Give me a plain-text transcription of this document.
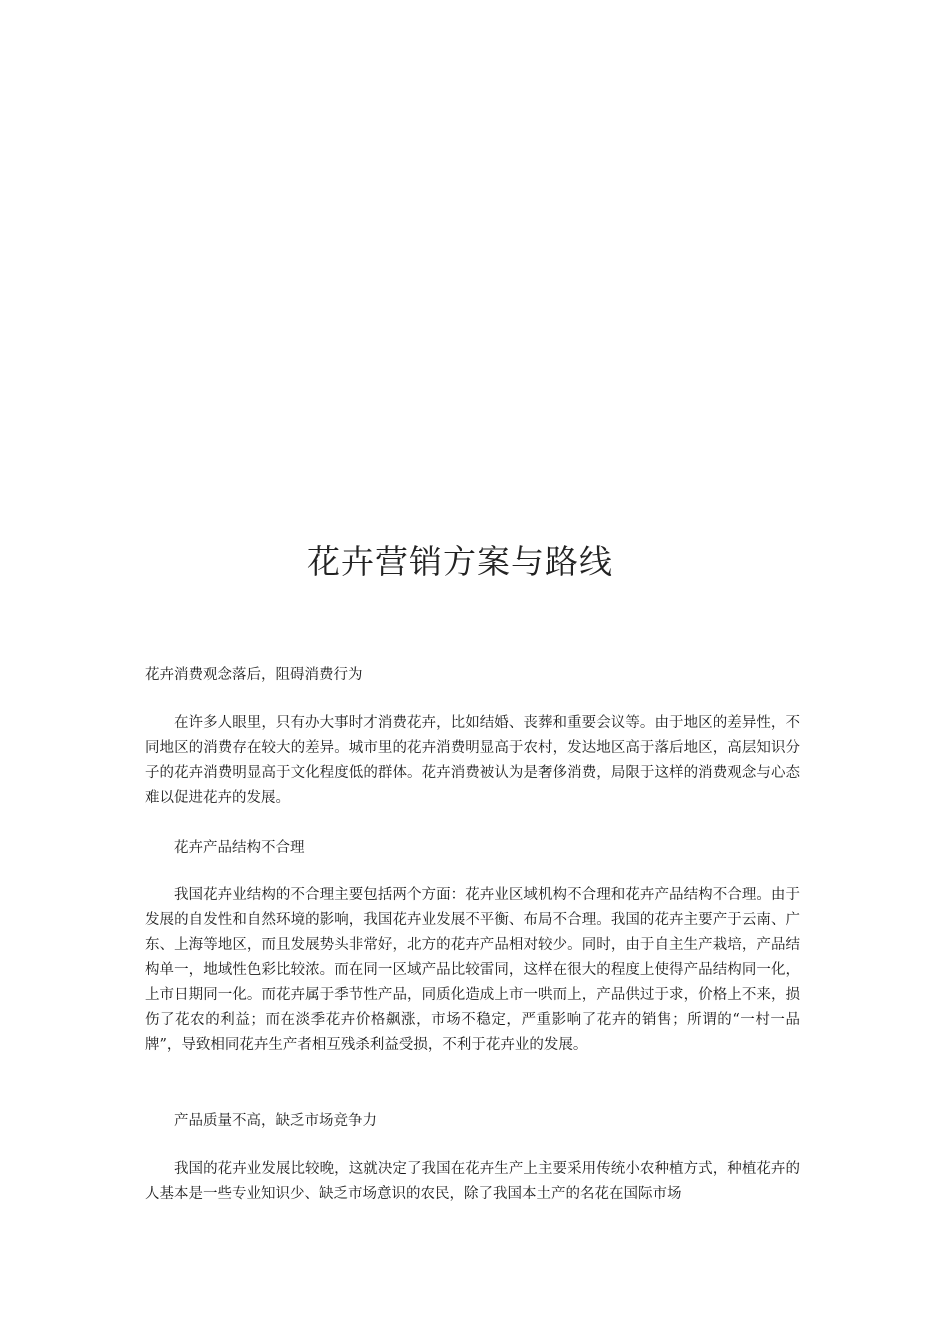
花卉营销方案与路线

花卉消费观念落后，阻碍消费行为

在许多人眼里，只有办大事时才消费花卉，比如结婚、丧葬和重要会议等。由于地区的差异性，不同地区的消费存在较大的差异。城市里的花卉消费明显高于农村，发达地区高于落后地区，高层知识分子的花卉消费明显高于文化程度低的群体。花卉消费被认为是奢侈消费，局限于这样的消费观念与心态难以促进花卉的发展。

花卉产品结构不合理

我国花卉业结构的不合理主要包括两个方面：花卉业区域机构不合理和花卉产品结构不合理。由于发展的自发性和自然环境的影响，我国花卉业发展不平衡、布局不合理。我国的花卉主要产于云南、广东、上海等地区，而且发展势头非常好，北方的花卉产品相对较少。同时，由于自主生产栽培，产品结构单一，地域性色彩比较浓。而在同一区域产品比较雷同，这样在很大的程度上使得产品结构同一化，上市日期同一化。而花卉属于季节性产品，同质化造成上市一哄而上，产品供过于求，价格上不来，损伤了花农的利益；而在淡季花卉价格飙涨，市场不稳定，严重影响了花卉的销售；所谓的“一村一品牌”，导致相同花卉生产者相互残杀利益受损，不利于花卉业的发展。

产品质量不高，缺乏市场竞争力

我国的花卉业发展比较晚，这就决定了我国在花卉生产上主要采用传统小农种植方式，种植花卉的人基本是一些专业知识少、缺乏市场意识的农民，除了我国本土产的名花在国际市场
